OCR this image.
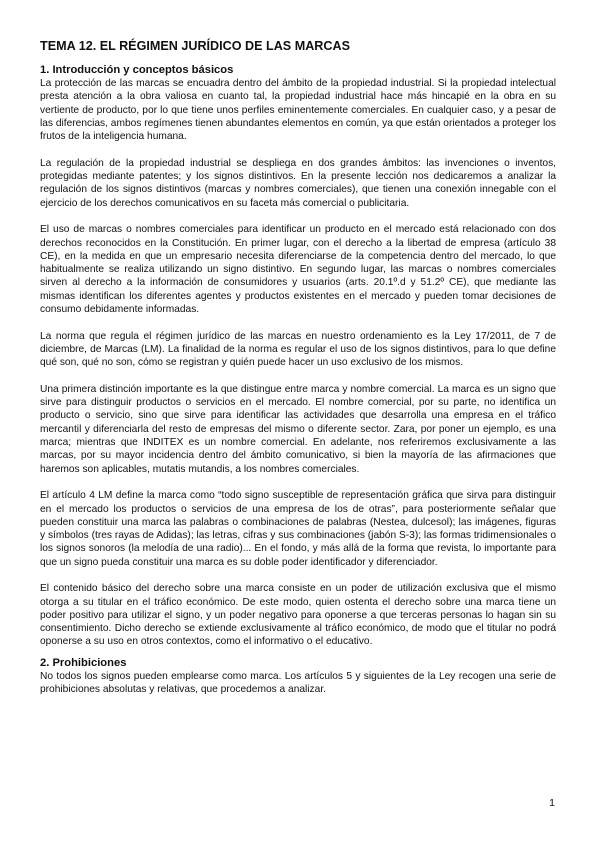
TEMA 12. EL RÉGIMEN JURÍDICO DE LAS MARCAS
1. Introducción y conceptos básicos

La protección de las marcas se encuadra dentro del ámbito de la propiedad industrial. Si la propiedad intelectual presta atención a la obra valiosa en cuanto tal, la propiedad industrial hace más hincapié en la obra en su vertiente de producto, por lo que tiene unos perfiles eminentemente comerciales. En cualquier caso, y a pesar de las diferencias, ambos regímenes tienen abundantes elementos en común, ya que están orientados a proteger los frutos de la inteligencia humana.

La regulación de la propiedad industrial se despliega en dos grandes ámbitos: las invenciones o inventos, protegidas mediante patentes; y los signos distintivos. En la presente lección nos dedicaremos a analizar la regulación de los signos distintivos (marcas y nombres comerciales), que tienen una conexión innegable con el ejercicio de los derechos comunicativos en su faceta más comercial o publicitaria.

El uso de marcas o nombres comerciales para identificar un producto en el mercado está relacionado con dos derechos reconocidos en la Constitución. En primer lugar, con el derecho a la libertad de empresa (artículo 38 CE), en la medida en que un empresario necesita diferenciarse de la competencia dentro del mercado, lo que habitualmente se realiza utilizando un signo distintivo. En segundo lugar, las marcas o nombres comerciales sirven al derecho a la información de consumidores y usuarios (arts. 20.1º.d y 51.2º CE), que mediante las mismas identifican los diferentes agentes y productos existentes en el mercado y pueden tomar decisiones de consumo debidamente informadas.

La norma que regula el régimen jurídico de las marcas en nuestro ordenamiento es la Ley 17/2011, de 7 de diciembre, de Marcas (LM). La finalidad de la norma es regular el uso de los signos distintivos, para lo que define qué son, qué no son, cómo se registran y quién puede hacer un uso exclusivo de los mismos.

Una primera distinción importante es la que distingue entre marca y nombre comercial. La marca es un signo que sirve para distinguir productos o servicios en el mercado. El nombre comercial, por su parte, no identifica un producto o servicio, sino que sirve para identificar las actividades que desarrolla una empresa en el tráfico mercantil y diferenciarla del resto de empresas del mismo o diferente sector. Zara, por poner un ejemplo, es una marca; mientras que INDITEX es un nombre comercial. En adelante, nos referiremos exclusivamente a las marcas, por su mayor incidencia dentro del ámbito comunicativo, si bien la mayoría de las afirmaciones que haremos son aplicables, mutatis mutandis, a los nombres comerciales.

El artículo 4 LM define la marca como “todo signo susceptible de representación gráfica que sirva para distinguir en el mercado los productos o servicios de una empresa de los de otras”, para posteriormente señalar que pueden constituir una marca las palabras o combinaciones de palabras (Nestea, dulcesol); las imágenes, figuras y símbolos (tres rayas de Adidas); las letras, cifras y sus combinaciones (jabón S-3); las formas tridimensionales o los signos sonoros (la melodía de una radio)... En el fondo, y más allá de la forma que revista, lo importante para que un signo pueda constituir una marca es su doble poder identificador y diferenciador.

El contenido básico del derecho sobre una marca consiste en un poder de utilización exclusiva que el mismo otorga a su titular en el tráfico económico. De este modo, quien ostenta el derecho sobre una marca tiene un poder positivo para utilizar el signo, y un poder negativo para oponerse a que terceras personas lo hagan sin su consentimiento. Dicho derecho se extiende exclusivamente al tráfico económico, de modo que el titular no podrá oponerse a su uso en otros contextos, como el informativo o el educativo.

2. Prohibiciones

No todos los signos pueden emplearse como marca. Los artículos 5 y siguientes de la Ley recogen una serie de prohibiciones absolutas y relativas, que procedemos a analizar.

1
